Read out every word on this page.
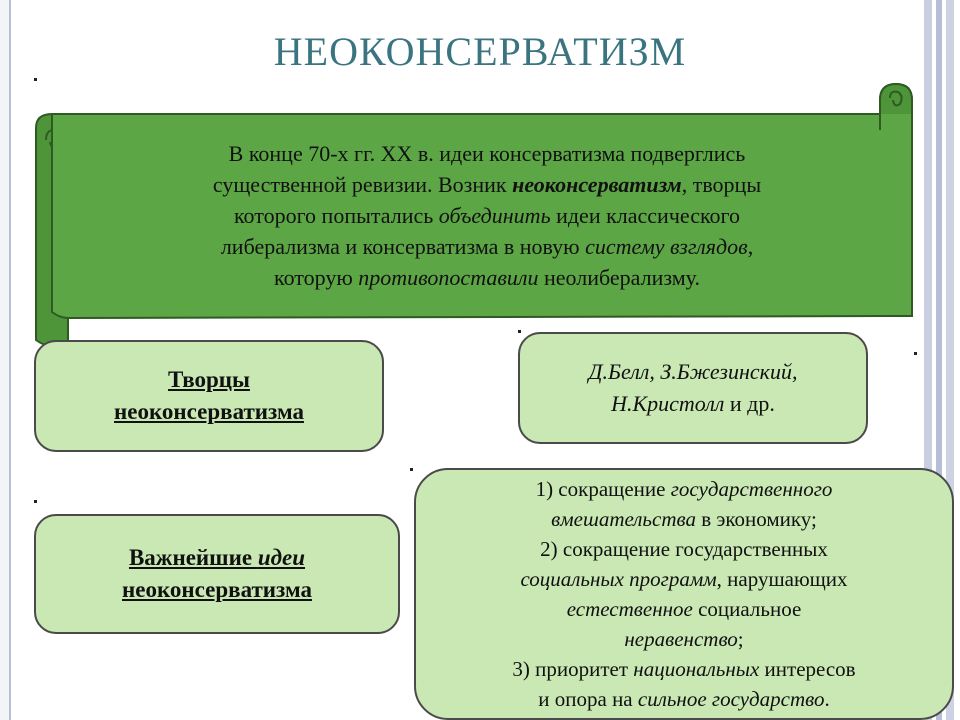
НЕОКОНСЕРВАТИЗМ
В конце 70-х гг. XX в. идеи консерватизма подверглись
существенной ревизии. Возник неоконсерватизм, творцы
которого попытались объединить идеи классического
либерализма и консерватизма в новую систему взглядов,
которую противопоставили неолиберализму.
Творцы
неоконсерватизма
Д.Белл, З.Бжезинский,
Н.Кристолл и др.
Важнейшие идеи
неоконсерватизма
1) сокращение государственного
вмешательства в экономику;
2) сокращение государственных
социальных программ, нарушающих
естественное социальное
неравенство;
3) приоритет национальных интересов
и опора на сильное государство.
